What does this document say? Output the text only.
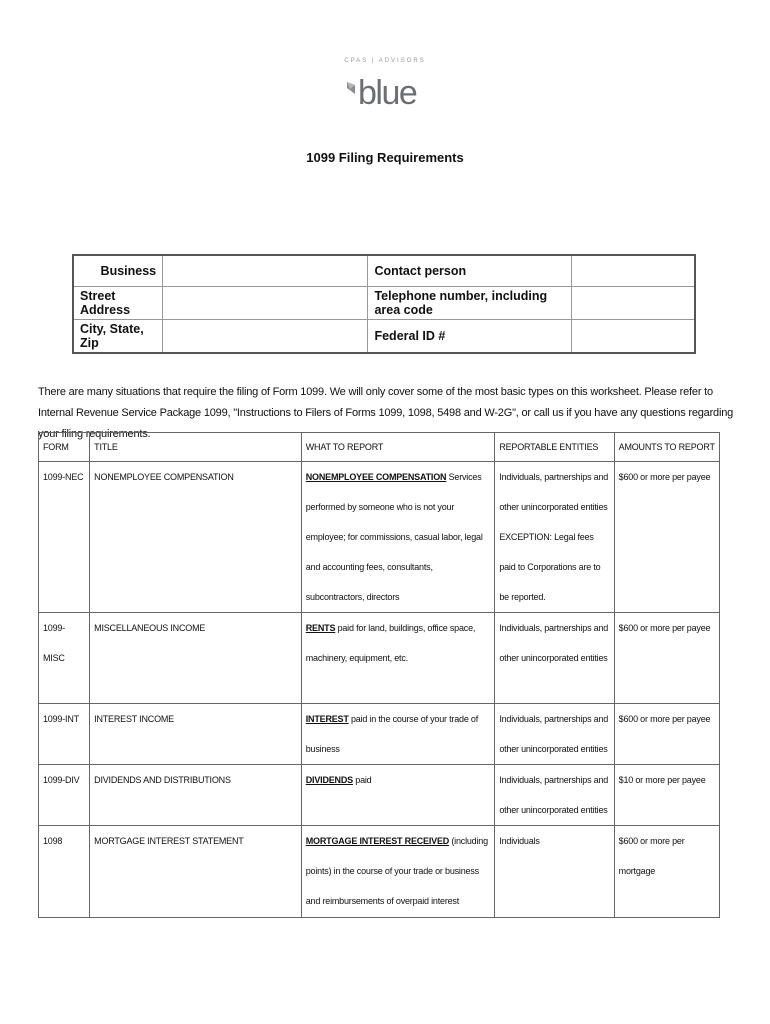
CPAS | ADVISORS
blue
1099 Filing Requirements
Business		Contact person	
Street Address		Telephone number, including area code	
City, State, Zip		Federal ID #	
There are many situations that require the filing of Form 1099. We will only cover some of the most basic types on this worksheet. Please refer to Internal Revenue Service Package 1099, "Instructions to Filers of Forms 1099, 1098, 5498 and W-2G", or call us if you have any questions regarding your filing requirements.
FORM	TITLE	WHAT TO REPORT	REPORTABLE ENTITIES	AMOUNTS TO REPORT
1099-NEC	NONEMPLOYEE COMPENSATION	NONEMPLOYEE COMPENSATION Services performed by someone who is not your employee; for commissions, casual labor, legal and accounting fees, consultants, subcontractors, directors	Individuals, partnerships and other unincorporated entities EXCEPTION: Legal fees paid to Corporations are to be reported.	$600 or more per payee
1099-MISC	MISCELLANEOUS INCOME	RENTS paid for land, buildings, office space, machinery, equipment, etc.	Individuals, partnerships and other unincorporated entities	$600 or more per payee
1099-INT	INTEREST INCOME	INTEREST paid in the course of your trade of business	Individuals, partnerships and other unincorporated entities	$600 or more per payee
1099-DIV	DIVIDENDS AND DISTRIBUTIONS	DIVIDENDS paid	Individuals, partnerships and other unincorporated entities	$10 or more per payee
1098	MORTGAGE INTEREST STATEMENT	MORTGAGE INTEREST RECEIVED (including points) in the course of your trade or business and reimbursements of overpaid interest	Individuals	$600 or more per mortgage
